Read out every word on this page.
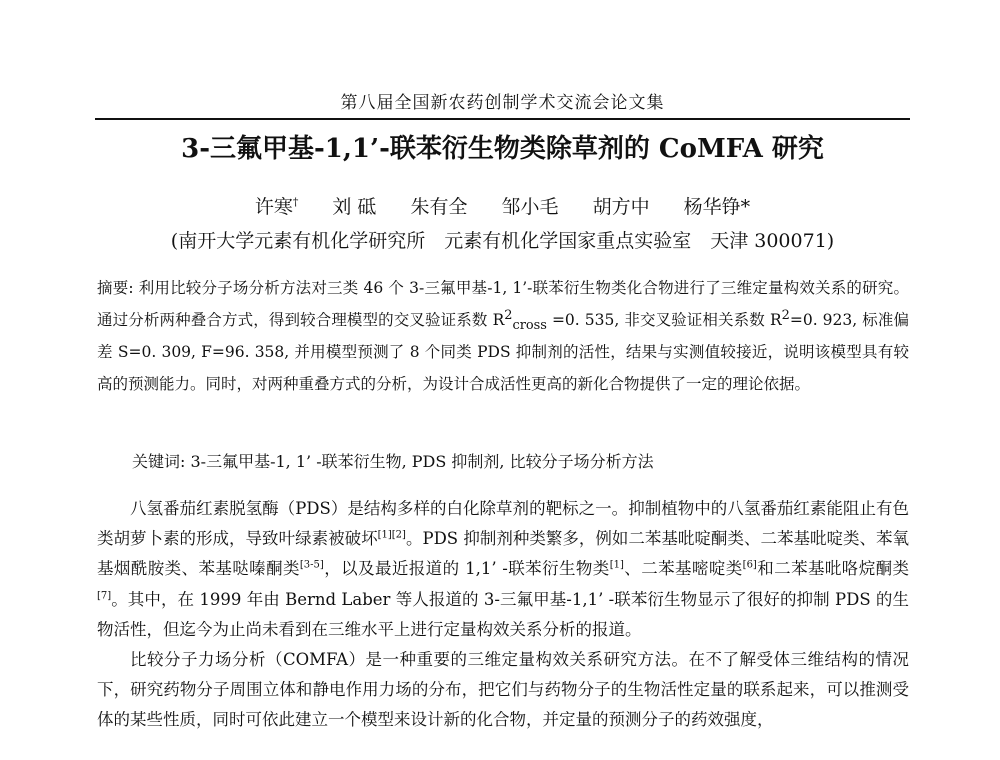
第八届全国新农药创制学术交流会论文集
3-三氟甲基-1,1’-联苯衍生物类除草剂的 CoMFA 研究
许寒† 刘 砥 朱有全 邹小毛 胡方中 杨华铮*
(南开大学元素有机化学研究所　元素有机化学国家重点实验室　天津 300071)
摘要: 利用比较分子场分析方法对三类 46 个 3-三氟甲基-1, 1’-联苯衍生物类化合物进行了三维定量构效关系的研究。通过分析两种叠合方式，得到较合理模型的交叉验证系数 $R^2_{cross} =0$. 535, 非交叉验证相关系数 $R^2=0$. 923, 标准偏差 S=0. 309, F=96. 358, 并用模型预测了 8 个同类 PDS 抑制剂的活性，结果与实测值较接近，说明该模型具有较高的预测能力。同时，对两种重叠方式的分析，为设计合成活性更高的新化合物提供了一定的理论依据。
关键词: 3-三氟甲基-1, 1’ -联苯衍生物, PDS 抑制剂, 比较分子场分析方法

八氢番茄红素脱氢酶（PDS）是结构多样的白化除草剂的靶标之一。抑制植物中的八氢番茄红素能阻止有色类胡萝卜素的形成，导致叶绿素被破坏[1][2]。PDS 抑制剂种类繁多，例如二苯基吡啶酮类、二苯基吡啶类、苯氧基烟酰胺类、苯基哒嗪酮类[3-5]，以及最近报道的 1,1’ -联苯衍生物类[1]、二苯基嘧啶类[6]和二苯基吡咯烷酮类[7]。其中，在 1999 年由 Bernd Laber 等人报道的 3-三氟甲基-1,1’ -联苯衍生物显示了很好的抑制 PDS 的生物活性，但迄今为止尚未看到在三维水平上进行定量构效关系分析的报道。

比较分子力场分析（COMFA）是一种重要的三维定量构效关系研究方法。在不了解受体三维结构的情况下，研究药物分子周围立体和静电作用力场的分布，把它们与药物分子的生物活性定量的联系起来，可以推测受体的某些性质，同时可依此建立一个模型来设计新的化合物，并定量的预测分子的药效强度，
